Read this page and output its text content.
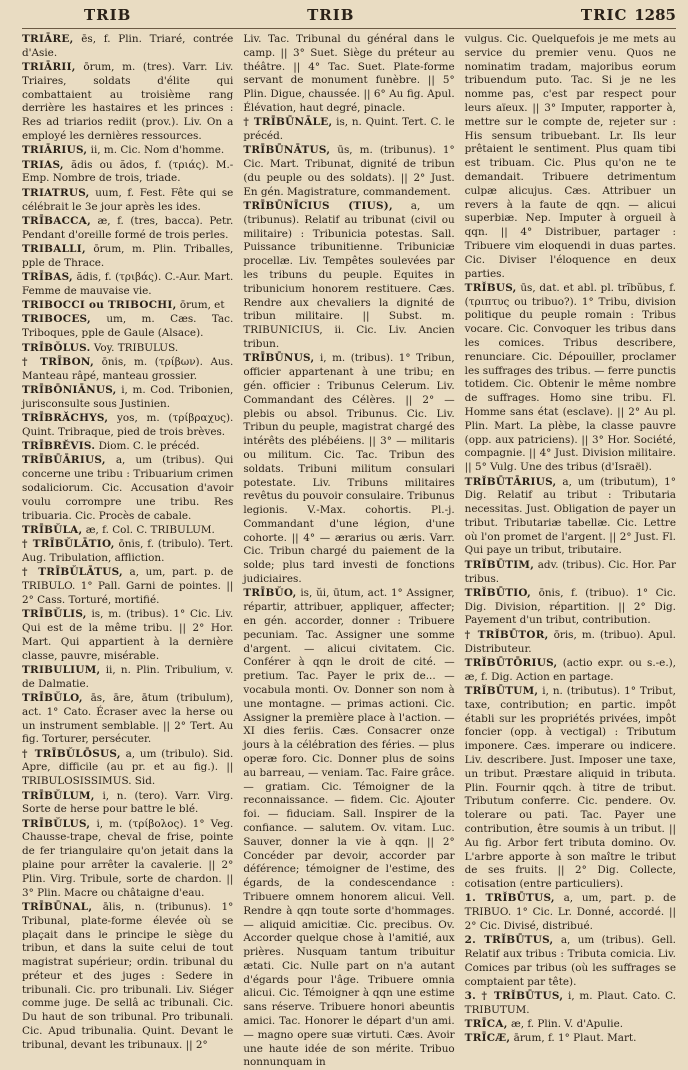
TRIB	TRIB	TRIC 1285

TRIĀRE, ēs, f. Plin. Triaré, contrée d'Asie.

TRIĀRII, ōrum, m. (tres). Varr. Liv. Triaires, soldats d'élite qui combattaient au troisième rang derrière les hastaires et les princes : Res ad triarios rediit (prov.). Liv. On a employé les dernières ressources.

TRIĀRIUS, ii, m. Cic. Nom d'homme.

TRIAS, ădis ou ădos, f. (τριάς). M.-Emp. Nombre de trois, triade.

TRIATRUS, uum, f. Fest. Fête qui se célébrait le 3e jour après les ides.

TRĪBACCA, æ, f. (tres, bacca). Petr. Pendant d'oreille formé de trois perles.

TRIBALLI, ōrum, m. Plin. Triballes, pple de Thrace.

TRĪBAS, ădis, f. (τριβάς). C.-Aur. Mart. Femme de mauvaise vie.

TRIBOCCI ou TRIBOCHI, ōrum, et

TRIBOCES, um, m. Cæs. Tac. Triboques, pple de Gaule (Alsace).

TRĪBŎLUS. Voy. TRIBULUS.

† TRĪBON, ōnis, m. (τρίβων). Aus. Manteau râpé, manteau grossier.

TRĪBŌNIĀNUS, i, m. Cod. Tribonien, jurisconsulte sous Justinien.

TRĪBRĂCHYS, yos, m. (τρίβραχυς). Quint. Tribraque, pied de trois brèves.

TRĪBRĔVIS. Diom. C. le précéd.

TRĪBŪĀRIUS, a, um (tribus). Qui concerne une tribu : Tribuarium crimen sodaliciorum. Cic. Accusation d'avoir voulu corrompre une tribu. Res tribuaria. Cic. Procès de cabale.

TRĪBŬLA, æ, f. Col. C. TRIBULUM.

† TRĪBŬLĀTIO, ōnis, f. (tribulo). Tert. Aug. Tribulation, affliction.

† TRĪBŬLĀTUS, a, um, part. p. de TRIBULO. 1° Pall. Garni de pointes. || 2° Cass. Torturé, mortifié.

TRĪBŬLIS, is, m. (tribus). 1° Cic. Liv. Qui est de la même tribu. || 2° Hor. Mart. Qui appartient à la dernière classe, pauvre, misérable.

TRIBULIUM, ii, n. Plin. Tribulium, v. de Dalmatie.

TRĪBŬLO, ās, āre, ātum (tribulum), act. 1° Cato. Écraser avec la herse ou un instrument semblable. || 2° Tert. Au fig. Torturer, persécuter.

† TRĪBŬLŌSUS, a, um (tribulo). Sid. Apre, difficile (au pr. et au fig.). || TRIBULOSISSIMUS. Sid.

TRĪBŬLUM, i, n. (tero). Varr. Virg. Sorte de herse pour battre le blé.

TRĪBŬLUS, i, m. (τρίβολος). 1° Veg. Chausse-trape, cheval de frise, pointe de fer triangulaire qu'on jetait dans la plaine pour arrêter la cavalerie. || 2° Plin. Virg. Tribule, sorte de chardon. || 3° Plin. Macre ou châtaigne d'eau.

TRĪBŪNAL, ālis, n. (tribunus). 1° Tribunal, plate-forme élevée où se plaçait dans le principe le siège du tribun, et dans la suite celui de tout magistrat supérieur; ordin. tribunal du préteur et des juges : Sedere in tribunali. Cic. pro tribunali. Liv. Siéger comme juge. De sellâ ac tribunali. Cic. Du haut de son tribunal. Pro tribunali. Cic. Apud tribunalia. Quint. Devant le tribunal, devant les tribunaux. || 2°

Liv. Tac. Tribunal du général dans le camp. || 3° Suet. Siège du préteur au théâtre. || 4° Tac. Suet. Plate-forme servant de monument funèbre. || 5° Plin. Digue, chaussée. || 6° Au fig. Apul. Élévation, haut degré, pinacle.

† TRĪBŪNĀLE, is, n. Quint. Tert. C. le précéd.

TRĪBŪNĀTUS, ūs, m. (tribunus). 1° Cic. Mart. Tribunat, dignité de tribun (du peuple ou des soldats). || 2° Just. En gén. Magistrature, commandement.

TRĪBŪNĪCIUS (TIUS), a, um (tribunus). Relatif au tribunat (civil ou militaire) : Tribunicia potestas. Sall. Puissance tribunitienne. Tribuniciæ procellæ. Liv. Tempêtes soulevées par les tribuns du peuple. Equites in tribunicium honorem restituere. Cæs. Rendre aux chevaliers la dignité de tribun militaire. || Subst. m. TRIBUNICIUS, ii. Cic. Liv. Ancien tribun.

TRĪBŪNUS, i, m. (tribus). 1° Tribun, officier appartenant à une tribu; en gén. officier : Tribunus Celerum. Liv. Commandant des Célères. || 2° — plebis ou absol. Tribunus. Cic. Liv. Tribun du peuple, magistrat chargé des intérêts des plébéiens. || 3° — militaris ou militum. Cic. Tac. Tribun des soldats. Tribuni militum consulari potestate. Liv. Tribuns militaires revêtus du pouvoir consulaire. Tribunus legionis. V.-Max. cohortis. Pl.-j. Commandant d'une légion, d'une cohorte. || 4° — ærarius ou æris. Varr. Cic. Tribun chargé du paiement de la solde; plus tard investi de fonctions judiciaires.

TRĪBŬO, is, ŭi, ūtum, act. 1° Assigner, répartir, attribuer, appliquer, affecter; en gén. accorder, donner : Tribuere pecuniam. Tac. Assigner une somme d'argent. — alicui civitatem. Cic. Conférer à qqn le droit de cité. — pretium. Tac. Payer le prix de... — vocabula monti. Ov. Donner son nom à une montagne. — primas actioni. Cic. Assigner la première place à l'action. — XI dies feriis. Cæs. Consacrer onze jours à la célébration des féries. — plus operæ foro. Cic. Donner plus de soins au barreau, — veniam. Tac. Faire grâce. — gratiam. Cic. Témoigner de la reconnaissance. — fidem. Cic. Ajouter foi. — fiduciam. Sall. Inspirer de la confiance. — salutem. Ov. vitam. Luc. Sauver, donner la vie à qqn. || 2° Concéder par devoir, accorder par déférence; témoigner de l'estime, des égards, de la condescendance : Tribuere omnem honorem alicui. Vell. Rendre à qqn toute sorte d'hommages. — aliquid amicitiæ. Cic. precibus. Ov. Accorder quelque chose à l'amitié, aux prières. Nusquam tantum tribuitur ætati. Cic. Nulle part on n'a autant d'égards pour l'âge. Tribuere omnia alicui. Cic. Témoigner à qqn une estime sans réserve. Tribuere honori abeuntis amici. Tac. Honorer le départ d'un ami. — magno opere suæ virtuti. Cæs. Avoir une haute idée de son mérite. Tribuo nonnunquam in

vulgus. Cic. Quelquefois je me mets au service du premier venu. Quos ne nominatim tradam, majoribus eorum tribuendum puto. Tac. Si je ne les nomme pas, c'est par respect pour leurs aïeux. || 3° Imputer, rapporter à, mettre sur le compte de, rejeter sur : His sensum tribuebant. Lr. Ils leur prêtaient le sentiment. Plus quam tibi est tribuam. Cic. Plus qu'on ne te demandait. Tribuere detrimentum culpæ alicujus. Cæs. Attribuer un revers à la faute de qqn. — alicui superbiæ. Nep. Imputer à orgueil à qqn. || 4° Distribuer, partager : Tribuere vim eloquendi in duas partes. Cic. Diviser l'éloquence en deux parties.

TRĬBUS, ūs, dat. et abl. pl. trĭbŭbus, f. (τριπτυς ou tribuo?). 1° Tribu, division politique du peuple romain : Tribus vocare. Cic. Convoquer les tribus dans les comices. Tribus describere, renunciare. Cic. Dépouiller, proclamer les suffrages des tribus. — ferre punctis totidem. Cic. Obtenir le même nombre de suffrages. Homo sine tribu. Fl. Homme sans état (esclave). || 2° Au pl. Plin. Mart. La plèbe, la classe pauvre (opp. aux patriciens). || 3° Hor. Société, compagnie. || 4° Just. Division militaire. || 5° Vulg. Une des tribus (d'Israël).

TRĬBŪTĀRIUS, a, um (tributum), 1° Dig. Relatif au tribut : Tributaria necessitas. Just. Obligation de payer un tribut. Tributariæ tabellæ. Cic. Lettre où l'on promet de l'argent. || 2° Just. Fl. Qui paye un tribut, tributaire.

TRĬBŪTIM, adv. (tribus). Cic. Hor. Par tribus.

TRĬBŪTIO, ōnis, f. (tribuo). 1° Cic. Dig. Division, répartition. || 2° Dig. Payement d'un tribut, contribution.

† TRĬBŪTOR, ōris, m. (tribuo). Apul. Distributeur.

TRĬBŪTŌRIUS, (actio expr. ou s.-e.), æ, f. Dig. Action en partage.

TRĬBŪTUM, i, n. (tributus). 1° Tribut, taxe, contribution; en partic. impôt établi sur les propriétés privées, impôt foncier (opp. à vectigal) : Tributum imponere. Cæs. imperare ou indicere. Liv. describere. Just. Imposer une taxe, un tribut. Præstare aliquid in tributa. Plin. Fournir qqch. à titre de tribut. Tributum conferre. Cic. pendere. Ov. tolerare ou pati. Tac. Payer une contribution, être soumis à un tribut. || Au fig. Arbor fert tributa domino. Ov. L'arbre apporte à son maître le tribut de ses fruits. || 2° Dig. Collecte, cotisation (entre particuliers).

1. TRĬBŪTUS, a, um, part. p. de TRIBUO. 1° Cic. Lr. Donné, accordé. || 2° Cic. Divisé, distribué.

2. TRĬBŪTUS, a, um (tribus). Gell. Relatif aux tribus : Tributa comicia. Liv. Comices par tribus (où les suffrages se comptaient par tête).

3. † TRĬBŪTUS, i, m. Plaut. Cato. C. TRIBUTUM.

TRĪCA, æ, f. Plin. V. d'Apulie.

TRĪCÆ, ārum, f. 1° Plaut. Mart.
